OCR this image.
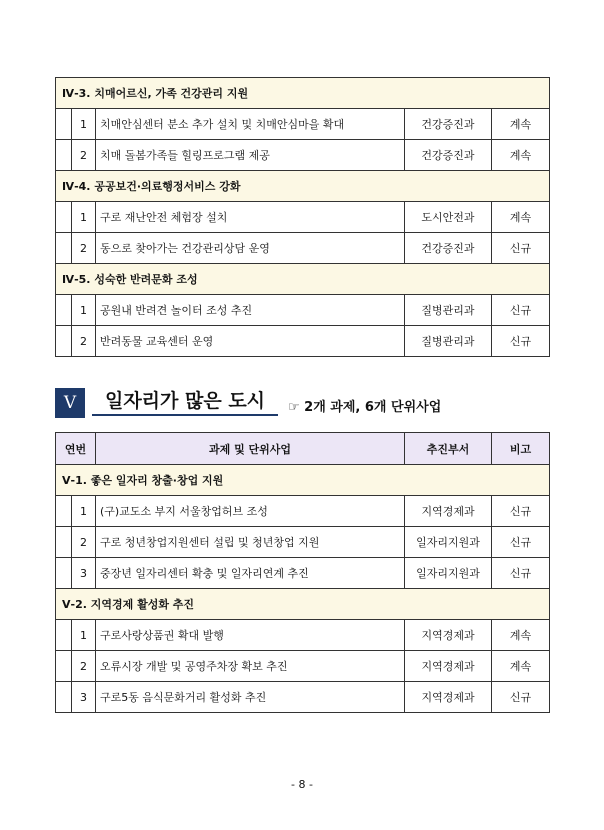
Ⅳ-3. 치매어르신, 가족 건강관리 지원				
	1	치매안심센터 분소 추가 설치 및 치매안심마을 확대	건강증진과	계속
	2	치매 돌봄가족들 힐링프로그램 제공	건강증진과	계속
Ⅳ-4. 공공보건·의료행정서비스 강화				
	1	구로 재난안전 체험장 설치	도시안전과	계속
	2	동으로 찾아가는 건강관리상담 운영	건강증진과	신규
Ⅳ-5. 성숙한 반려문화 조성				
	1	공원내 반려견 놀이터 조성 추진	질병관리과	신규
	2	반려동물 교육센터 운영	질병관리과	신규
Ⅴ	일자리가 많은 도시	☞ 2개 과제, 6개 단위사업
연번		과제 및 단위사업	추진부서	비고
Ⅴ-1. 좋은 일자리 창출·창업 지원				
	1	(구)교도소 부지 서울창업허브 조성	지역경제과	신규
	2	구로 청년창업지원센터 설립 및 청년창업 지원	일자리지원과	신규
	3	중장년 일자리센터 확충 및 일자리연계 추진	일자리지원과	신규
Ⅴ-2. 지역경제 활성화 추진				
	1	구로사랑상품권 확대 발행	지역경제과	계속
	2	오류시장 개발 및 공영주차장 확보 추진	지역경제과	계속
	3	구로5동 음식문화거리 활성화 추진	지역경제과	신규
- 8 -
